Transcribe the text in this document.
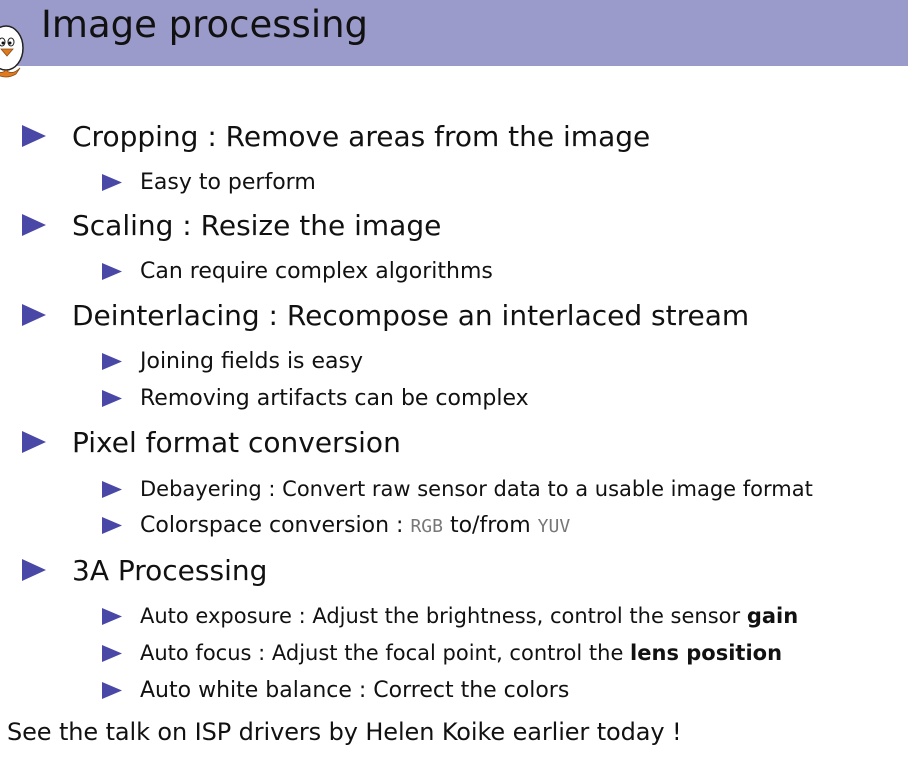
Image processing
Cropping : Remove areas from the image
Easy to perform
Scaling : Resize the image
Can require complex algorithms
Deinterlacing : Recompose an interlaced stream
Joining fields is easy
Removing artifacts can be complex
Pixel format conversion
Debayering : Convert raw sensor data to a usable image format
Colorspace conversion : RGB to/from YUV
3A Processing
Auto exposure : Adjust the brightness, control the sensor gain
Auto focus : Adjust the focal point, control the lens position
Auto white balance : Correct the colors
See the talk on ISP drivers by Helen Koike earlier today !
